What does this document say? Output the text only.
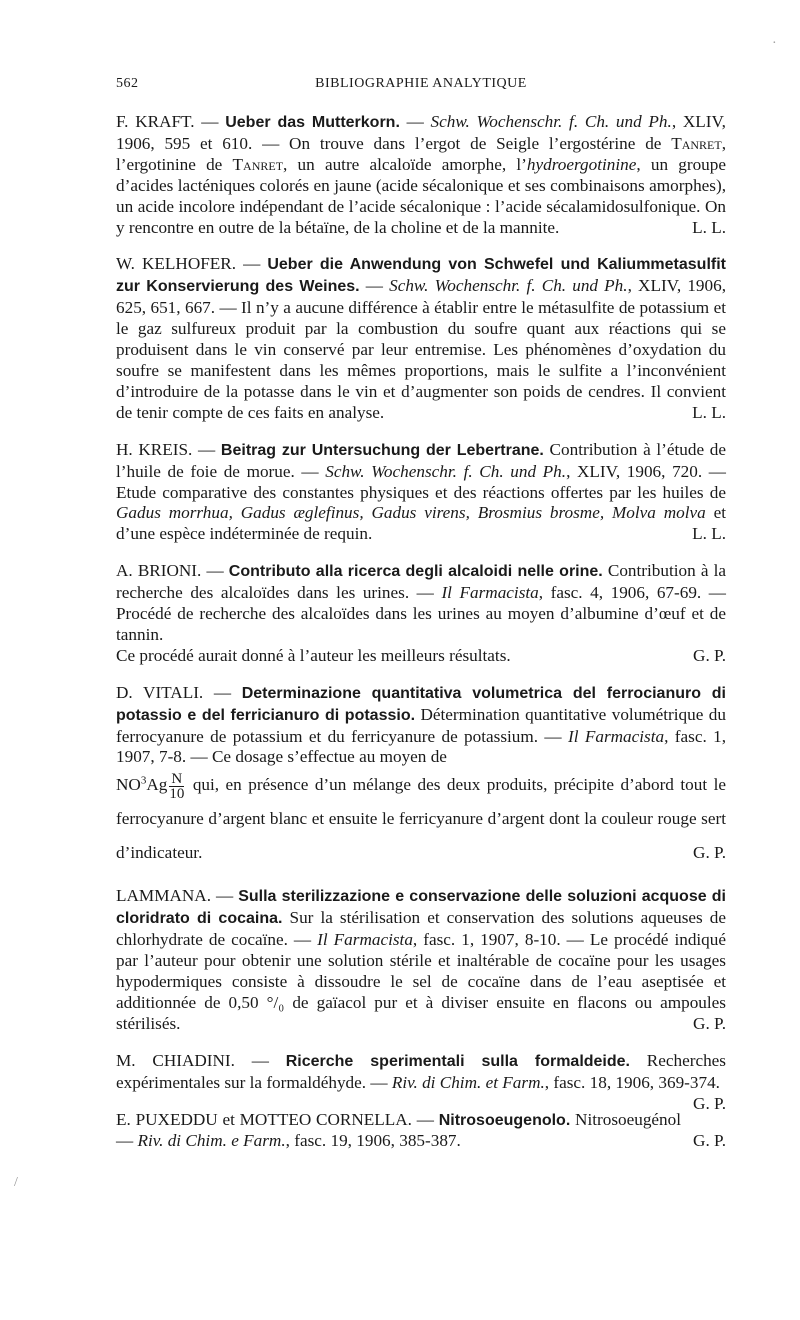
562	BIBLIOGRAPHIE ANALYTIQUE

F. KRAFT. — Ueber das Mutterkorn. — Schw. Wochenschr. f. Ch. und Ph., XLIV, 1906, 595 et 610. — On trouve dans l’ergot de Seigle l’ergostérine de Tanret, l’ergotinine de Tanret, un autre alcaloïde amorphe, l’hydroergotinine, un groupe d’acides lacténiques colorés en jaune (acide sécalonique et ses combinaisons amorphes), un acide incolore indépendant de l’acide sécalonique : l’acide sécalamidosulfonique. On y rencontre en outre de la bétaïne, de la choline et de la mannite.	L. L.

W. KELHOFER. — Ueber die Anwendung von Schwefel und Kaliummetasulfit zur Konservierung des Weines. — Schw. Wochenschr. f. Ch. und Ph., XLIV, 1906, 625, 651, 667. — Il n’y a aucune différence à établir entre le métasulfite de potassium et le gaz sulfureux produit par la combustion du soufre quant aux réactions qui se produisent dans le vin conservé par leur entremise. Les phénomènes d’oxydation du soufre se manifestent dans les mêmes proportions, mais le sulfite a l’inconvénient d’introduire de la potasse dans le vin et d’augmenter son poids de cendres. Il convient de tenir compte de ces faits en analyse.	L. L.

H. KREIS. — Beitrag zur Untersuchung der Lebertrane. Contribution à l’étude de l’huile de foie de morue. — Schw. Wochenschr. f. Ch. und Ph., XLIV, 1906, 720. — Etude comparative des constantes physiques et des réactions offertes par les huiles de Gadus morrhua, Gadus æglefinus, Gadus virens, Brosmius brosme, Molva molva et d’une espèce indéterminée de requin.	L. L.

A. BRIONI. — Contributo alla ricerca degli alcaloidi nelle orine. Contribution à la recherche des alcaloïdes dans les urines. — Il Farmacista, fasc. 4, 1906, 67-69. — Procédé de recherche des alcaloïdes dans les urines au moyen d’albumine d’œuf et de tannin.

Ce procédé aurait donné à l’auteur les meilleurs résultats.	G. P.

D. VITALI. — Determinazione quantitativa volumetrica del ferrocianuro di potassio e del ferricianuro di potassio. Détermination quantitative volumétrique du ferrocyanure de potassium et du ferricyanure de potassium. — Il Farmacista, fasc. 1, 1907, 7-8. — Ce dosage s’effectue au moyen de

$NO^3Ag \frac{N}{10}$ qui, en présence d’un mélange des deux produits, précipite d’abord tout le ferrocyanure d’argent blanc et ensuite le ferricyanure d’argent dont la couleur rouge sert d’indicateur.	G. P.

LAMMANA. — Sulla sterilizzazione e conservazione delle soluzioni acquose di cloridrato di cocaina. Sur la stérilisation et conservation des solutions aqueuses de chlorhydrate de cocaïne. — Il Farmacista, fasc. 1, 1907, 8-10. — Le procédé indiqué par l’auteur pour obtenir une solution stérile et inaltérable de cocaïne pour les usages hypodermiques consiste à dissoudre le sel de cocaïne dans de l’eau aseptisée et additionnée de 0,50 °/₀ de gaïacol pur et à diviser ensuite en flacons ou ampoules stérilisés.	G. P.

M. CHIADINI. — Ricerche sperimentali sulla formaldeide. Recherches expérimentales sur la formaldéhyde. — Riv. di Chim. et Farm., fasc. 18, 1906, 369-374.
G. P.

E. PUXEDDU et MOTTEO CORNELLA. — Nitrosoeugenolo. Nitrosoeugénol — Riv. di Chim. e Farm., fasc. 19, 1906, 385-387.	G. P.

·
/
